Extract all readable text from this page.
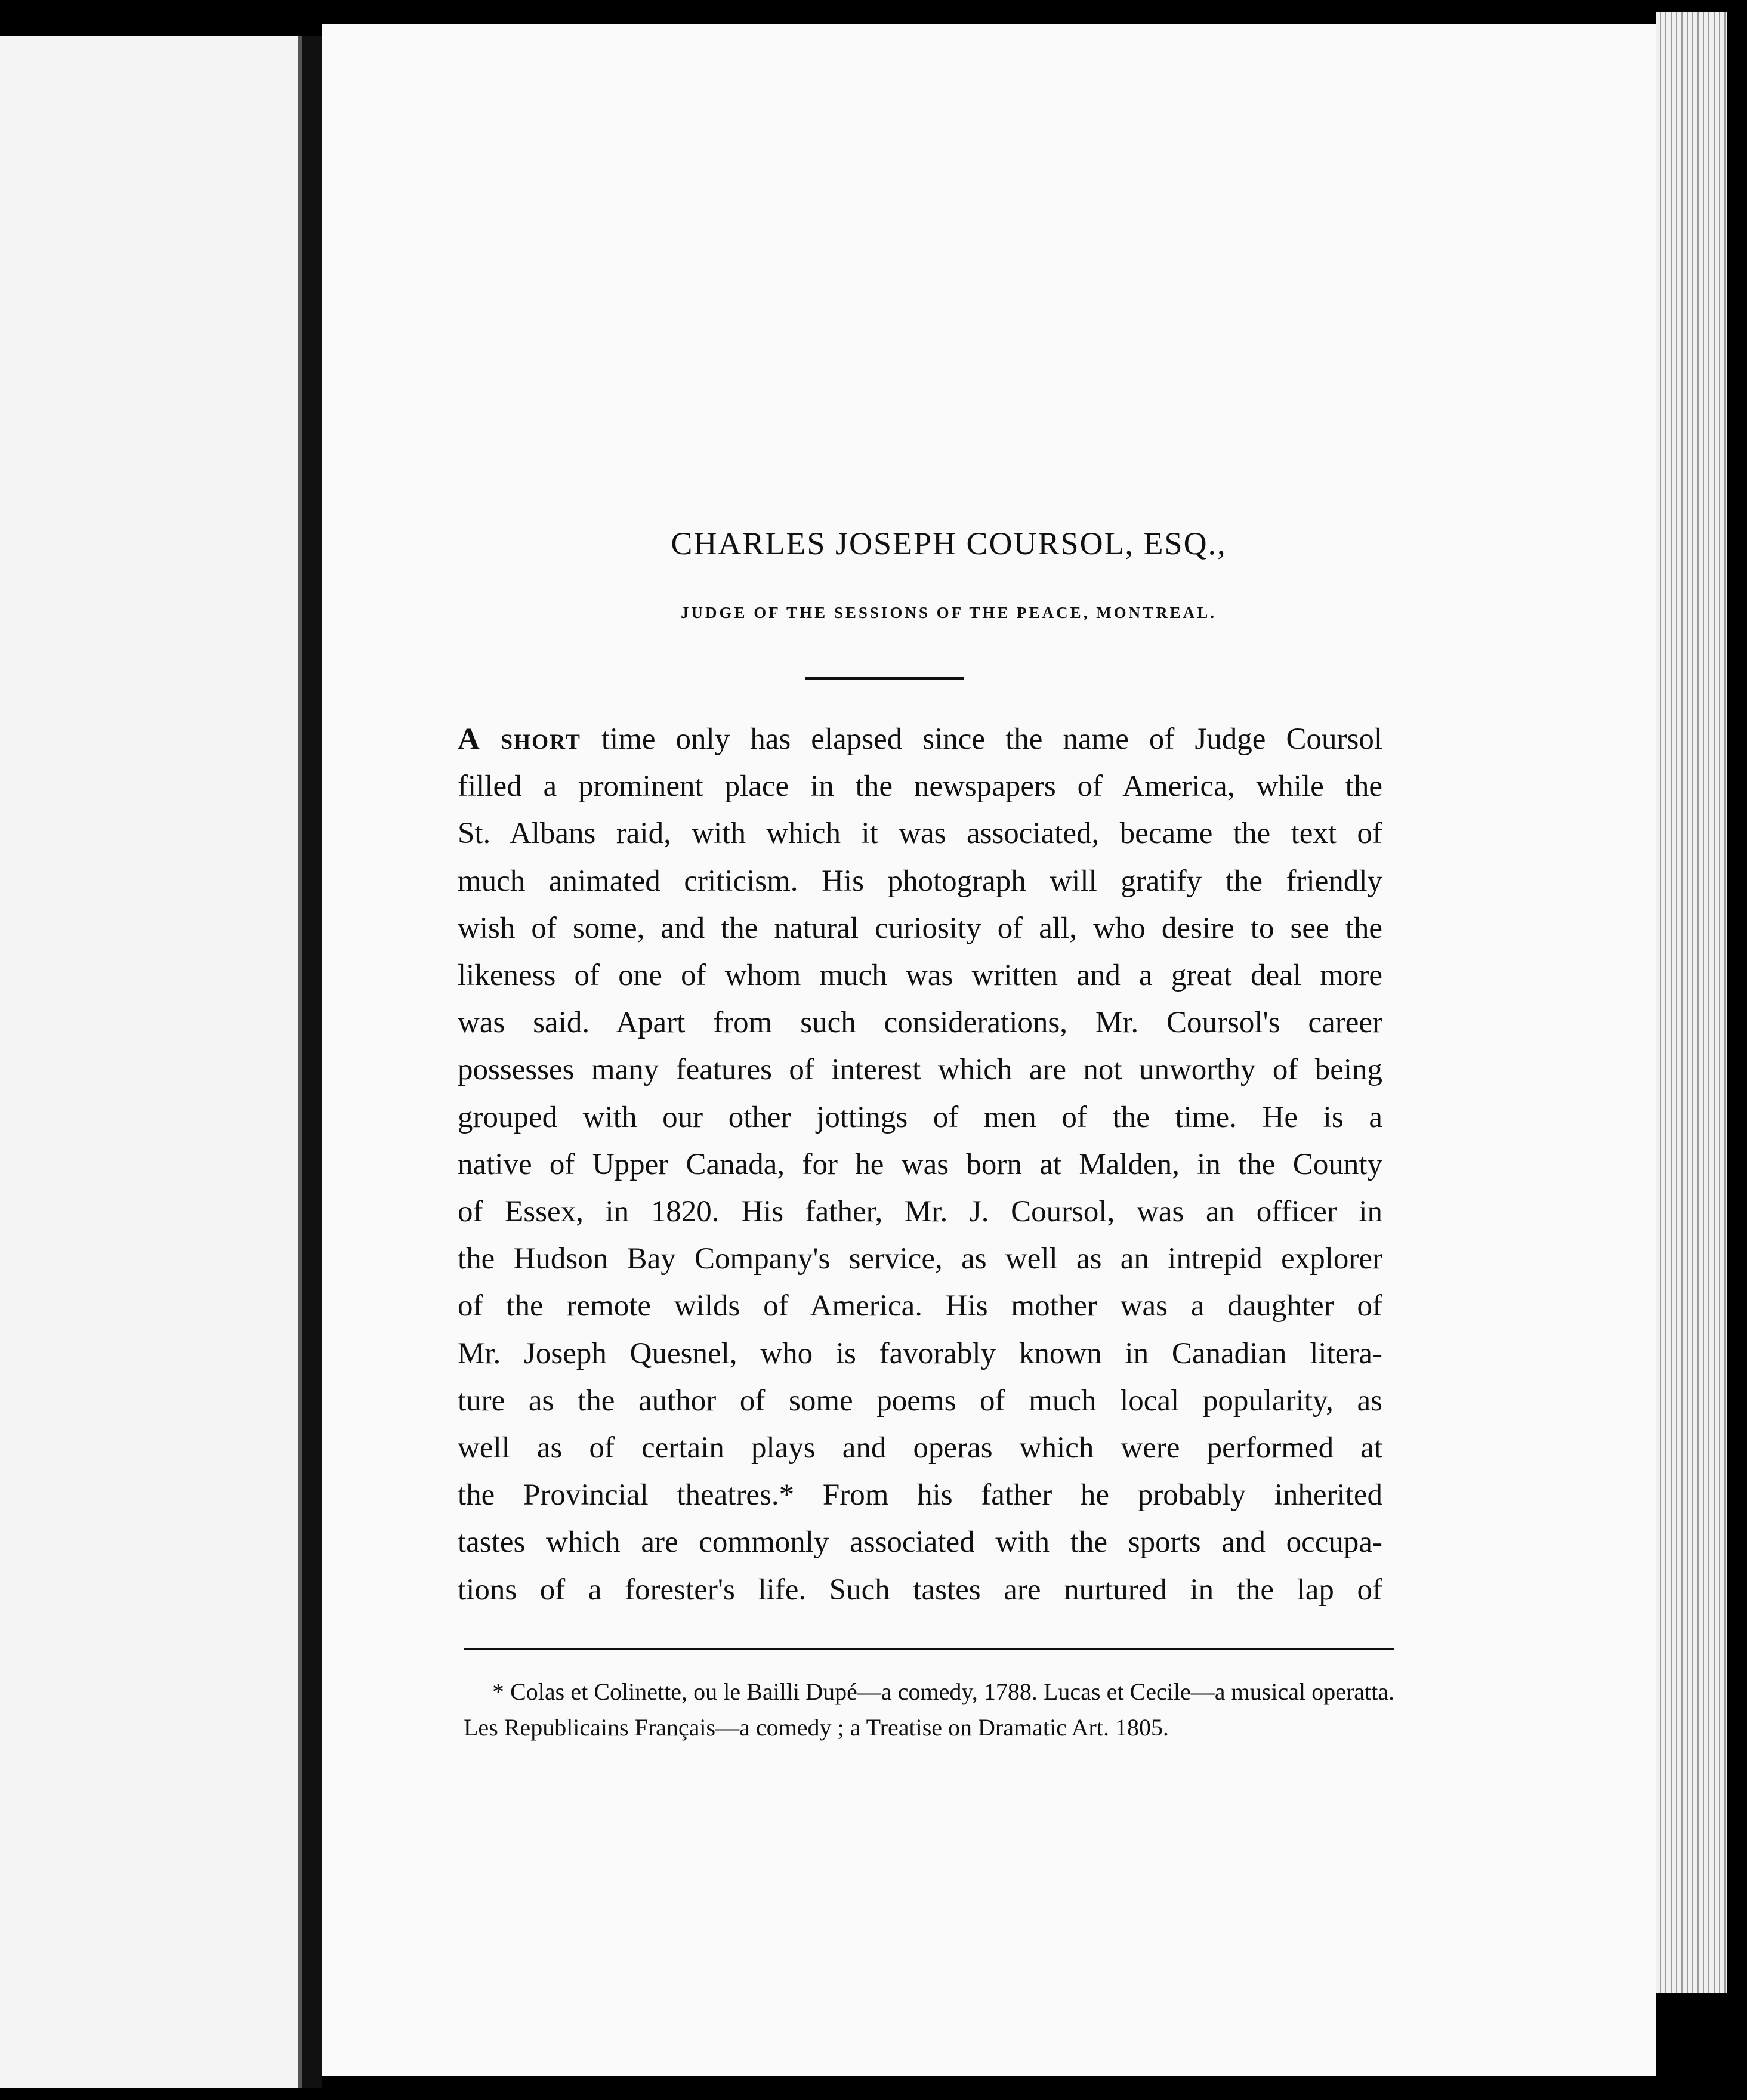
CHARLES JOSEPH COURSOL, ESQ.,
JUDGE OF THE SESSIONS OF THE PEACE, MONTREAL.
A short time only has elapsed since the name of Judge Coursol
filled a prominent place in the newspapers of America, while the
St. Albans raid, with which it was associated, became the text of
much animated criticism. His photograph will gratify the friendly
wish of some, and the natural curiosity of all, who desire to see the
likeness of one of whom much was written and a great deal more
was said. Apart from such considerations, Mr. Coursol's career
possesses many features of interest which are not unworthy of being
grouped with our other jottings of men of the time. He is a
native of Upper Canada, for he was born at Malden, in the County
of Essex, in 1820. His father, Mr. J. Coursol, was an officer in
the Hudson Bay Company's service, as well as an intrepid explorer
of the remote wilds of America. His mother was a daughter of
Mr. Joseph Quesnel, who is favorably known in Canadian litera-
ture as the author of some poems of much local popularity, as
well as of certain plays and operas which were performed at
the Provincial theatres.* From his father he probably inherited
tastes which are commonly associated with the sports and occupa-
tions of a forester's life. Such tastes are nurtured in the lap of
* Colas et Colinette, ou le Bailli Dupé—a comedy, 1788. Lucas et Cecile—a musical operatta. Les Republicains Français—a comedy ; a Treatise on Dramatic Art. 1805.
